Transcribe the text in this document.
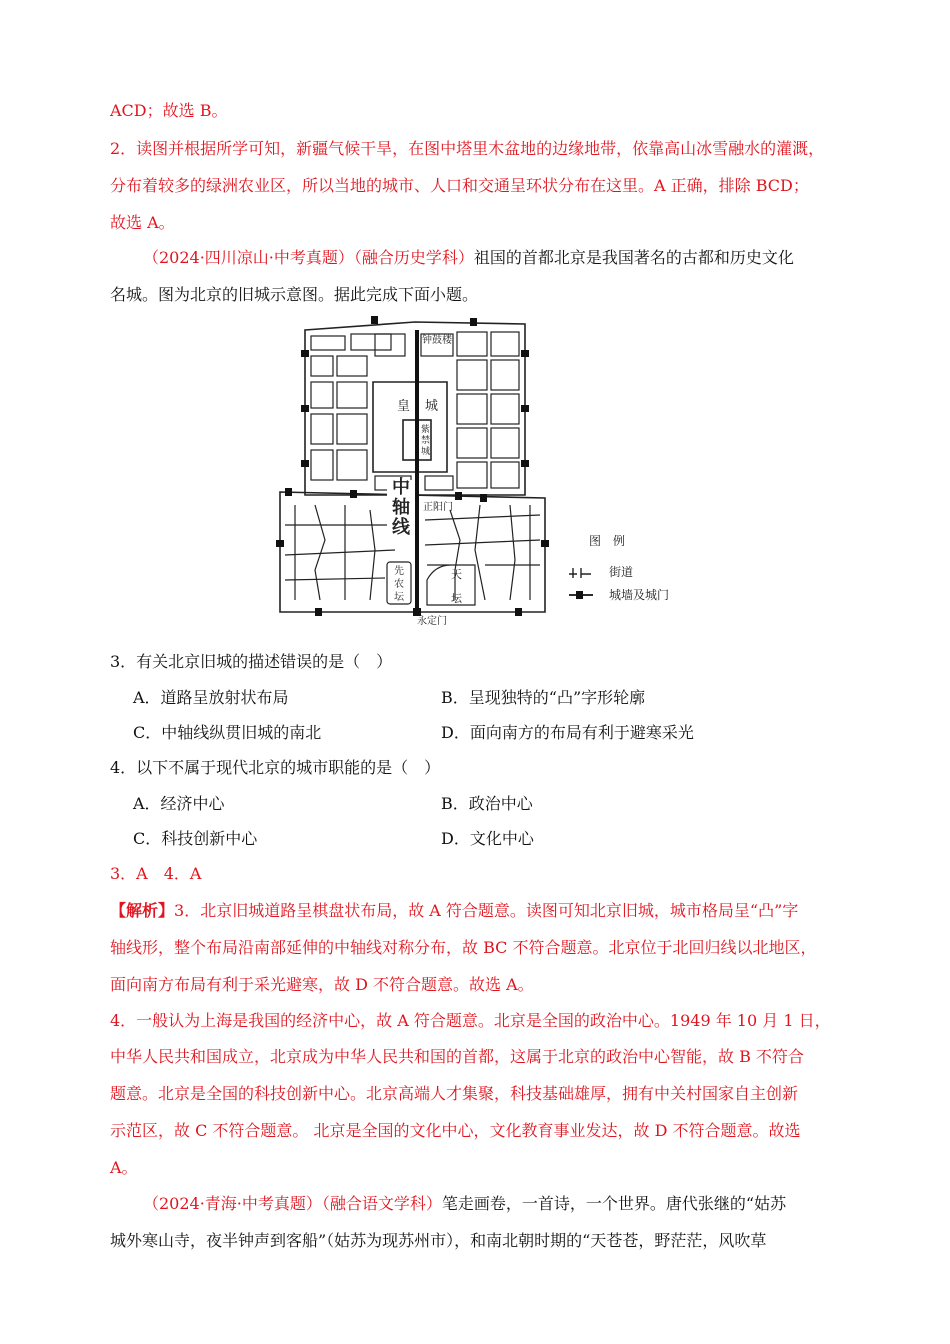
ACD；故选 B。
2．读图并根据所学可知，新疆气候干旱，在图中塔里木盆地的边缘地带，依靠高山冰雪融水的灌溉，
分布着较多的绿洲农业区，所以当地的城市、人口和交通呈环状分布在这里。A 正确，排除 BCD；
故选 A。
（2024·四川凉山·中考真题）（融合历史学科）祖国的首都北京是我国著名的古都和历史文化
名城。图为北京的旧城示意图。据此完成下面小题。
钟鼓楼
皇 城
紫
禁
城
中
轴
线
正阳门
先
农
坛
天
坛
永定门
图　例
街道
城墙及城门
3．有关北京旧城的描述错误的是（　）
A．道路呈放射状布局	B．呈现独特的“凸”字形轮廓
C．中轴线纵贯旧城的南北	D．面向南方的布局有利于避寒采光
4．以下不属于现代北京的城市职能的是（　）
A．经济中心	B．政治中心
C．科技创新中心	D．文化中心
3．A　4．A
【解析】3．北京旧城道路呈棋盘状布局，故 A 符合题意。读图可知北京旧城，城市格局呈“凸”字
轴线形，整个布局沿南部延伸的中轴线对称分布，故 BC 不符合题意。北京位于北回归线以北地区，
面向南方布局有利于采光避寒，故 D 不符合题意。故选 A。
4．一般认为上海是我国的经济中心，故 A 符合题意。北京是全国的政治中心。1949 年 10 月 1 日，
中华人民共和国成立，北京成为中华人民共和国的首都，这属于北京的政治中心智能，故 B 不符合
题意。北京是全国的科技创新中心。北京高端人才集聚，科技基础雄厚，拥有中关村国家自主创新
示范区，故 C 不符合题意。 北京是全国的文化中心，文化教育事业发达，故 D 不符合题意。故选
A。
（2024·青海·中考真题）（融合语文学科）笔走画卷，一首诗，一个世界。唐代张继的“姑苏
城外寒山寺，夜半钟声到客船”（姑苏为现苏州市），和南北朝时期的“天苍苍，野茫茫，风吹草
